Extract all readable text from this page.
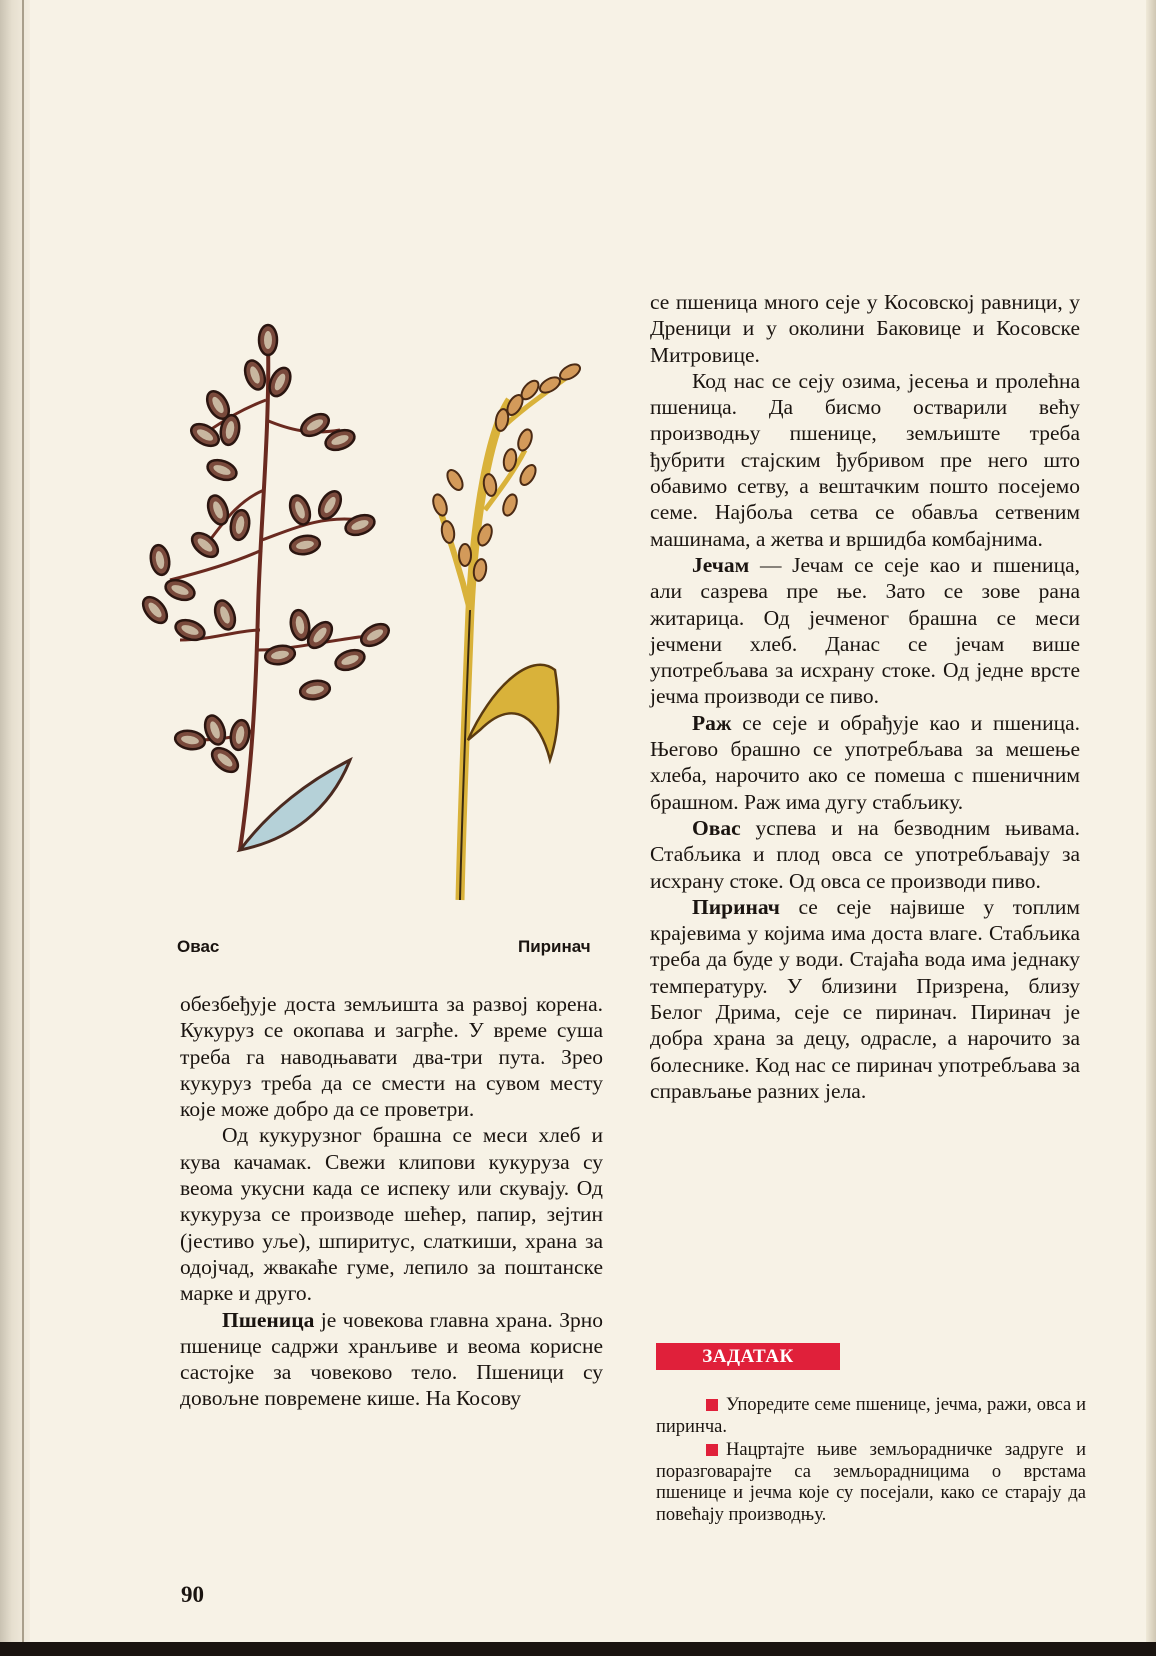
Овас	Пиринач

обезбеђује доста земљишта за развој корена. Кукуруз се окопава и загрће. У време суша треба га наводњавати два-три пута. Зрео кукуруз треба да се смести на сувом месту које може добро да се проветри.

Од кукурузног брашна се меси хлеб и кува качамак. Свежи клипови кукуруза су веома укусни када се испеку или скувају. Од кукуруза се производе шећер, папир, зејтин (јестиво уље), шпиритус, слаткиши, храна за одојчад, жвакаће гуме, лепило за поштанске марке и друго.

Пшеница је човекова главна храна. Зрно пшенице садржи хранљиве и веома корисне састојке за човеково тело. Пшеници су довољне повремене кише. На Косову

се пшеница много сеје у Косовској равници, у Дреници и у околини Баковице и Косовске Митровице.

Код нас се сеју озима, јесења и пролећна пшеница. Да бисмо остварили већу производњу пшенице, земљиште треба ђубрити стајским ђубривом пре него што обавимо сетву, а вештачким пошто посејемо семе. Најбоља сетва се обавља сетвеним машинама, а жетва и вршидба комбајнима.

Јечам — Јечам се сеје као и пшеница, али сазрева пре ње. Зато се зове рана житарица. Од јечменог брашна се меси јечмени хлеб. Данас се јечам више употребљава за исхрану стоке. Од једне врсте јечма производи се пиво.

Раж се сеје и обрађује као и пшеница. Његово брашно се употребљава за мешење хлеба, нарочито ако се помеша с пшеничним брашном. Раж има дугу стабљику.

Овас успева и на безводним њивама. Стабљика и плод овса се употребљавају за исхрану стоке. Од овса се производи пиво.

Пиринач се сеје највише у топлим крајевима у којима има доста влаге. Стабљика треба да буде у води. Стајаћа вода има једнаку температуру. У близини Призрена, близу Белог Дрима, сеје се пиринач. Пиринач је добра храна за децу, одрасле, а нарочито за болеснике. Код нас се пиринач употребљава за справљање разних јела.

ЗАДАТАК

Упоредите семе пшенице, јечма, ражи, овса и пиринча.

Нацртајте њиве земљорадничке задруге и поразговарајте са земљорадницима о врстама пшенице и јечма које су посејали, како се старају да повећају производњу.

90
